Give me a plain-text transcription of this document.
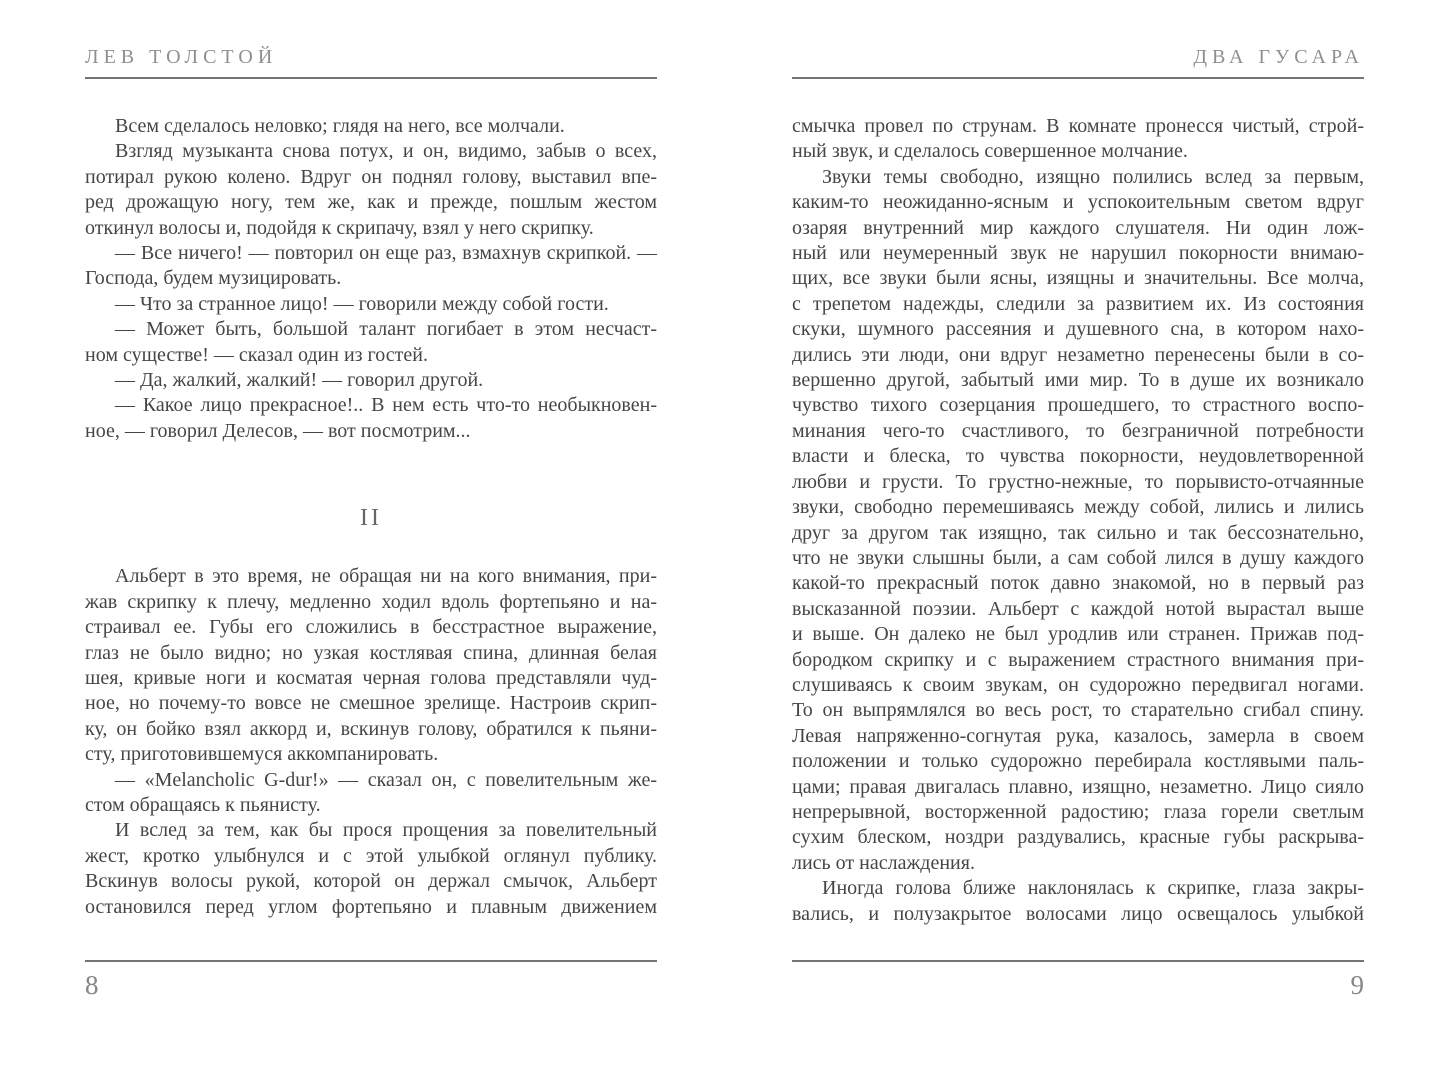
ЛЕВ ТОЛСТОЙ
Всем сделалось неловко; глядя на него, все молчали.
Взгляд музыканта снова потух, и он, видимо, забыв о всех,
потирал рукою колено. Вдруг он поднял голову, выставил впе-
ред дрожащую ногу, тем же, как и прежде, пошлым жестом
откинул волосы и, подойдя к скрипачу, взял у него скрипку.
— Все ничего! — повторил он еще раз, взмахнув скрипкой. —
Господа, будем музицировать.
— Что за странное лицо! — говорили между собой гости.
— Может быть, большой талант погибает в этом несчаст-
ном существе! — сказал один из гостей.
— Да, жалкий, жалкий! — говорил другой.
— Какое лицо прекрасное!.. В нем есть что-то необыкновен-
ное, — говорил Делесов, — вот посмотрим...
II
Альберт в это время, не обращая ни на кого внимания, при-
жав скрипку к плечу, медленно ходил вдоль фортепьяно и на-
страивал ее. Губы его сложились в бесстрастное выражение,
глаз не было видно; но узкая костлявая спина, длинная белая
шея, кривые ноги и косматая черная голова представляли чуд-
ное, но почему-то вовсе не смешное зрелище. Настроив скрип-
ку, он бойко взял аккорд и, вскинув голову, обратился к пьяни-
сту, приготовившемуся аккомпанировать.
— «Melancholic G-dur!» — сказал он, с повелительным же-
стом обращаясь к пьянисту.
И вслед за тем, как бы прося прощения за повелительный
жест, кротко улыбнулся и с этой улыбкой оглянул публику.
Вскинув волосы рукой, которой он держал смычок, Альберт
остановился перед углом фортепьяно и плавным движением
8
ДВА ГУСАРА
смычка провел по струнам. В комнате пронесся чистый, строй-
ный звук, и сделалось совершенное молчание.
Звуки темы свободно, изящно полились вслед за первым,
каким-то неожиданно-ясным и успокоительным светом вдруг
озаряя внутренний мир каждого слушателя. Ни один лож-
ный или неумеренный звук не нарушил покорности внимаю-
щих, все звуки были ясны, изящны и значительны. Все молча,
с трепетом надежды, следили за развитием их. Из состояния
скуки, шумного рассеяния и душевного сна, в котором нахо-
дились эти люди, они вдруг незаметно перенесены были в со-
вершенно другой, забытый ими мир. То в душе их возникало
чувство тихого созерцания прошедшего, то страстного воспо-
минания чего-то счастливого, то безграничной потребности
власти и блеска, то чувства покорности, неудовлетворенной
любви и грусти. То грустно-нежные, то порывисто-отчаянные
звуки, свободно перемешиваясь между собой, лились и лились
друг за другом так изящно, так сильно и так бессознательно,
что не звуки слышны были, а сам собой лился в душу каждого
какой-то прекрасный поток давно знакомой, но в первый раз
высказанной поэзии. Альберт с каждой нотой вырастал выше
и выше. Он далеко не был уродлив или странен. Прижав под-
бородком скрипку и с выражением страстного внимания при-
слушиваясь к своим звукам, он судорожно передвигал ногами.
То он выпрямлялся во весь рост, то старательно сгибал спину.
Левая напряженно-согнутая рука, казалось, замерла в своем
положении и только судорожно перебирала костлявыми паль-
цами; правая двигалась плавно, изящно, незаметно. Лицо сияло
непрерывной, восторженной радостию; глаза горели светлым
сухим блеском, ноздри раздувались, красные губы раскрыва-
лись от наслаждения.
Иногда голова ближе наклонялась к скрипке, глаза закры-
вались, и полузакрытое волосами лицо освещалось улыбкой
9
